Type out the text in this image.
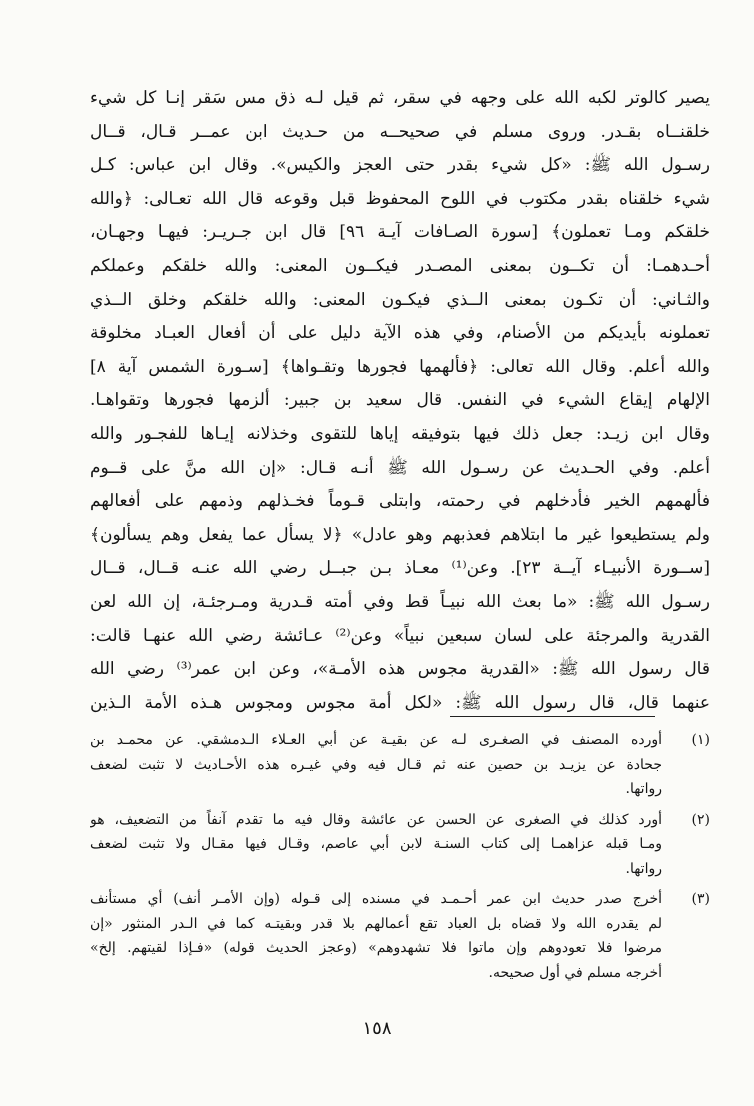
يصير كالوتر لكبه الله على وجهه في سقر، ثم قيل لـه ذق مس سَقر إنـا كل شيء
خلقنــاه بقـدر. وروى مسلم في صحيحــه من حـديث ابن عمــر قـال، قــال
رسـول الله ﷺ: «كل شيء بقدر حتى العجز والكيس». وقال ابن عباس: كـل
شيء خلقناه بقدر مكتوب في اللوح المحفوظ قبل وقوعه قال الله تعـالى: ﴿والله
خلقكم ومـا تعملون﴾ [سورة الصـافات آيـة ٩٦] قال ابن جـريـر: فيهـا وجهـان،
أحـدهمـا: أن تكــون بمعنى المصـدر فيكــون المعنى: والله خلقكم وعملكم
والثـاني: أن تكـون بمعنى الــذي فيكـون المعنى: والله خلقكم وخلق الــذي
تعملونه بأيديكم من الأصنام، وفي هذه الآية دليل على أن أفعال العبـاد مخلوقة
والله أعلم. وقال الله تعالى: ﴿فألهمها فجورها وتقـواها﴾ [سـورة الشمس آية ٨]
الإلهام إيقاع الشيء في النفس. قال سعيد بن جبير: ألزمها فجورها وتقواهـا.
وقال ابن زيـد: جعل ذلك فيها بتوفيقه إياها للتقوى وخذلانه إيـاها للفجـور والله
أعلم. وفي الحـديث عن رسـول الله ﷺ أنـه قـال: «إن الله منَّ على قــوم
فألهمهم الخير فأدخلهم في رحمته، وابتلى قـوماً فخـذلهم وذمهم على أفعالهم
ولم يستطيعوا غير ما ابتلاهم فعذبهم وهو عادل» ﴿لا يسأل عما يفعل وهم يسألون﴾
[ســورة الأنبيـاء آيــة ٢٣]. وعن⁽¹⁾ معـاذ بـن جبــل رضي الله عنـه قــال، قــال
رسـول الله ﷺ: «ما بعث الله نبيـاً قط وفي أمته قـدرية ومـرجئـة، إن الله لعن
القدرية والمرجئة على لسان سبعين نبياً» وعن⁽²⁾ عـائشة رضي الله عنهـا قالت:
قال رسول الله ﷺ: «القدرية مجوس هذه الأمـة»، وعن ابن عمر⁽³⁾ رضي الله
عنهما قال، قال رسول الله ﷺ: «لكل أمة مجوس ومجوس هـذه الأمة الـذين
(١)
أورده المصنف في الصغـرى لـه عن بقيـة عن أبي العـلاء الـدمشقي. عن محمـد بن
جحادة عن يزيـد بن حصين عنه ثم قـال فيه وفي غيـره هذه الأحـاديث لا تثبت لضعف
رواتها.
(٢)
أورد كذلك في الصغرى عن الحسن عن عائشة وقال فيه ما تقدم آنفاً من التضعيف، هو
ومـا قبله عزاهمـا إلى كتاب السنـة لابن أبي عاصم، وقـال فيها مقـال ولا تثبت لضعف
رواتها.
(٣)
أخرج صدر حديث ابن عمر أحـمـد في مسنده إلى قـوله (وإن الأمـر أنف) أي مستأنف
لم يقدره الله ولا قضاه بل العباد تقع أعمالهم بلا قدر وبقيتـه كما في الـدر المنثور «إن
مرضوا فلا تعودوهم وإن ماتوا فلا تشهدوهم» (وعجز الحديث قوله) «فـإذا لقيتهم. إلخ»
أخرجه مسلم في أول صحيحه.
١٥٨
